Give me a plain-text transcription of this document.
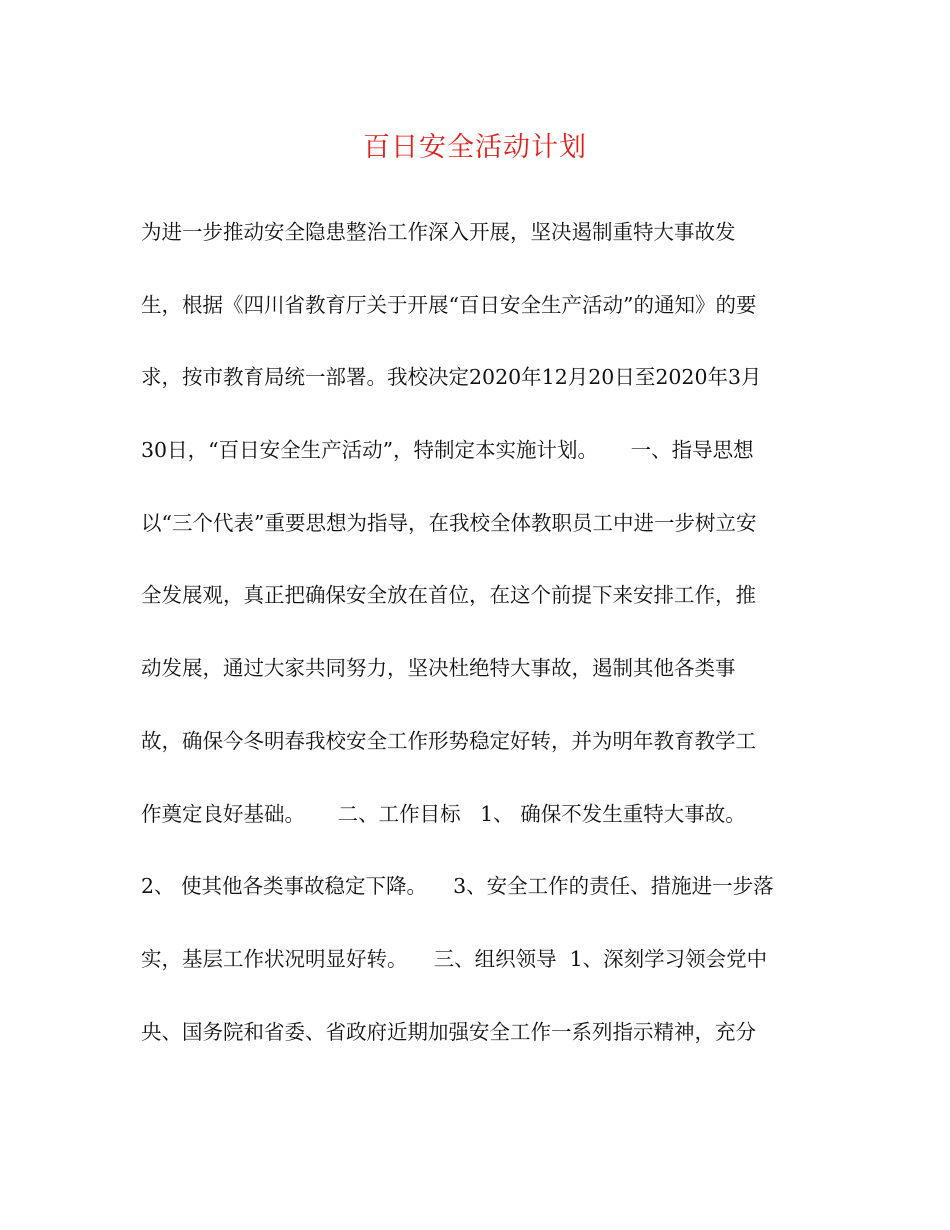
百日安全活动计划
为进一步推动安全隐患整治工作深入开展，坚决遏制重特大事故发
生，根据《四川省教育厅关于开展“百日安全生产活动”的通知》的要
求，按市教育局统一部署。我校决定2020年12月20日至2020年3月
30日，“百日安全生产活动”，特制定本实施计划。     一、指导思想
以“三个代表”重要思想为指导，在我校全体教职员工中进一步树立安
全发展观，真正把确保安全放在首位，在这个前提下来安排工作，推
动发展，通过大家共同努力，坚决杜绝特大事故，遏制其他各类事
故，确保今冬明春我校安全工作形势稳定好转，并为明年教育教学工
作奠定良好基础。     二、工作目标   1、 确保不发生重特大事故。
2、 使其他各类事故稳定下降。    3、安全工作的责任、措施进一步落
实，基层工作状况明显好转。    三、组织领导  1、深刻学习领会党中
央、国务院和省委、省政府近期加强安全工作一系列指示精神，充分
